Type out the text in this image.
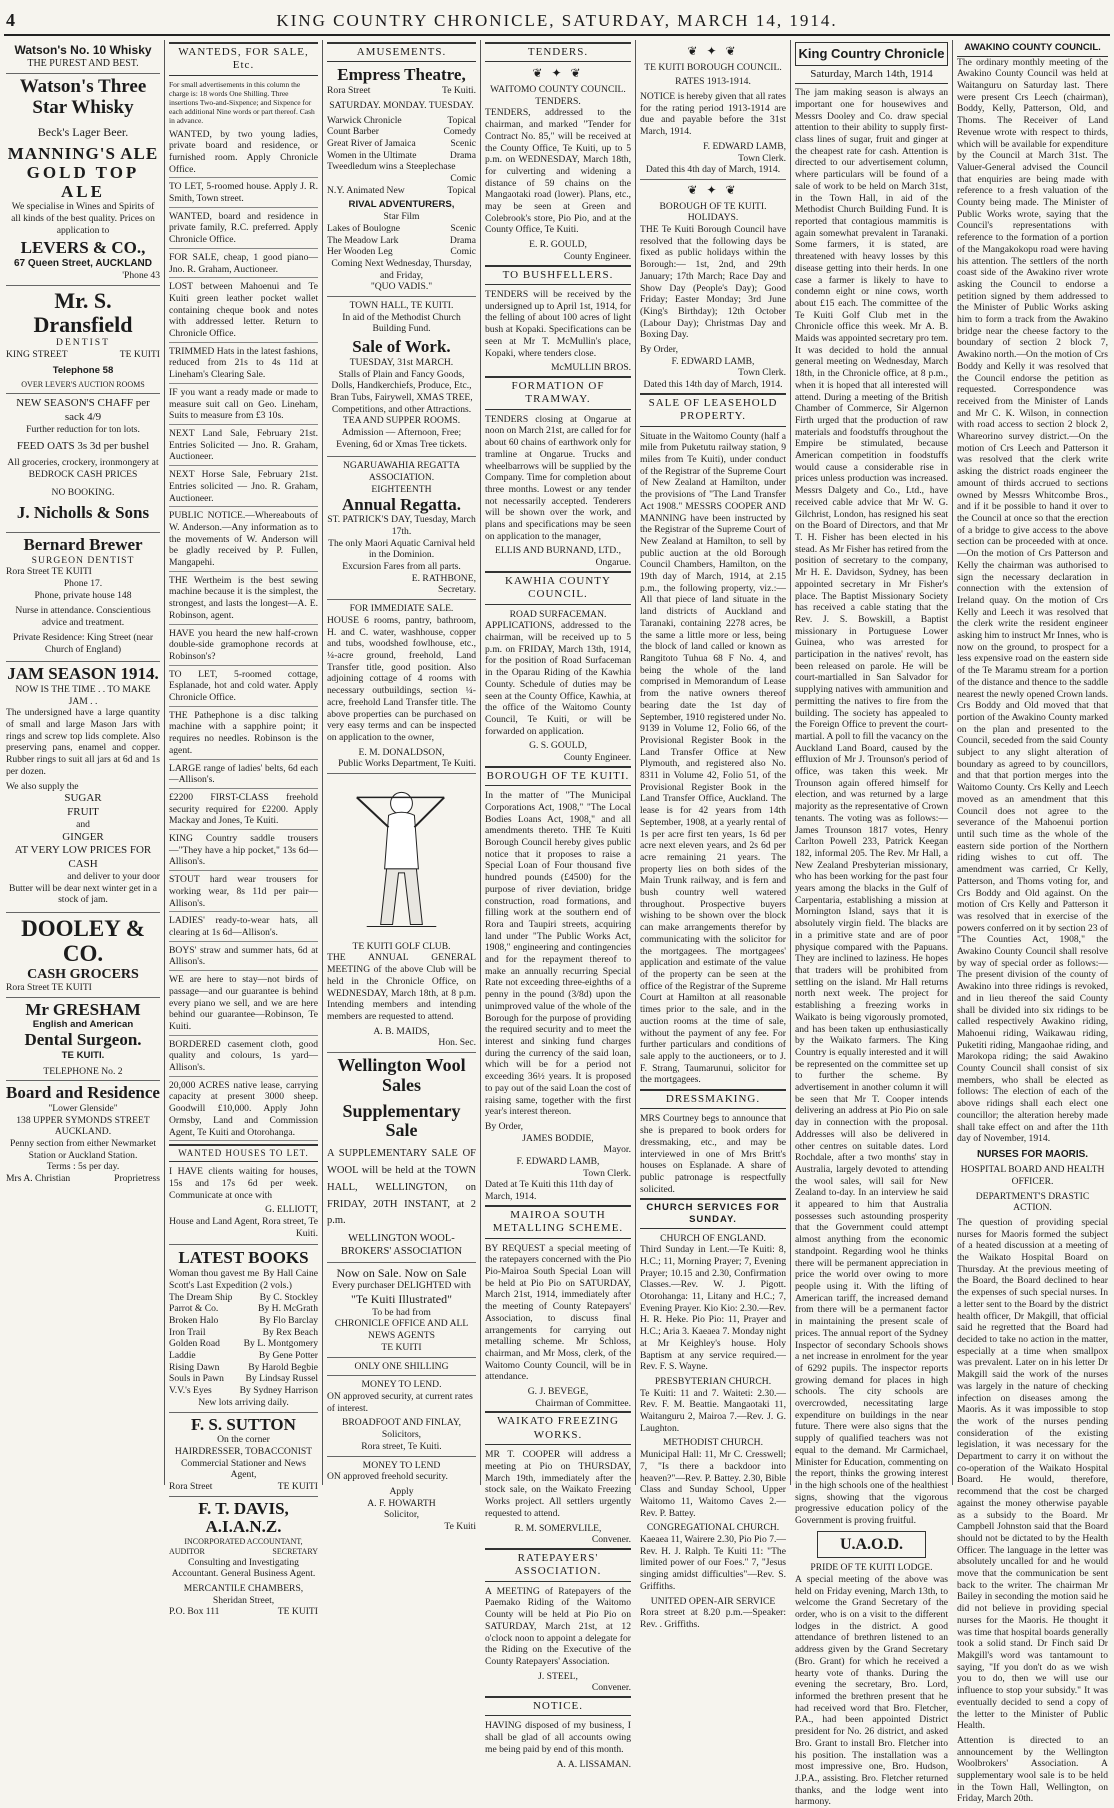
4	KING COUNTRY CHRONICLE, SATURDAY, MARCH 14, 1914.
Watson's No. 10 Whisky
THE PUREST AND BEST.
Watson's Three Star Whisky
Beck's Lager Beer.
MANNING'S ALE
GOLD TOP ALE

We specialise in Wines and Spirits of all kinds of the best quality. Prices on application to

LEVERS & CO.,
67 Queen Street, AUCKLAND
'Phone 43
Mr. S. Dransfield
DENTIST
KING STREET	TE KUITI
Telephone 58
OVER LEVER'S AUCTION ROOMS
NEW SEASON'S CHAFF per sack 4/9
Further reduction for ton lots.
FEED OATS 3s 3d per bushel

All groceries, crockery, ironmongery at BEDROCK CASH PRICES

NO BOOKING.
J. Nicholls & Sons
Bernard Brewer
SURGEON DENTIST
Rora Street TE KUITI
Phone 17.
Phone, private house 148

Nurse in attendance. Conscientious advice and treatment.

Private Residence: King Street (near Church of England)

JAM SEASON 1914.
NOW IS THE TIME . . TO MAKE JAM . .

The undersigned have a large quantity of small and large Mason Jars with rings and screw top lids complete. Also preserving pans, enamel and copper. Rubber rings to suit all jars at 6d and 1s per dozen.

We also supply the
SUGAR
FRUIT
and
GINGER
AT VERY LOW PRICES FOR CASH
and deliver to your door

Butter will be dear next winter get in a stock of jam.

DOOLEY & CO.
CASH GROCERS
Rora Street TE KUITI
Mr GRESHAM
English and American
Dental Surgeon.
TE KUITI.
TELEPHONE No. 2
Board and Residence
"Lower Glenside"
138 UPPER SYMONDS STREET AUCKLAND.
Penny section from either Newmarket Station or Auckland Station.
Terms : 5s per day.
Mrs A. Christian	Proprietress
WANTEDS, FOR SALE, Etc.

For small advertisements in this column the charge is: 18 words One Shilling. Three insertions Two-and-Sixpence; and Sixpence for each additional Nine words or part thereof. Cash in advance.

WANTED, by two young ladies, private board and residence, or furnished room. Apply Chronicle Office.

TO LET, 5-roomed house. Apply J. R. Smith, Town street.

WANTED, board and residence in private family, R.C. preferred. Apply Chronicle Office.

FOR SALE, cheap, 1 good piano—Jno. R. Graham, Auctioneer.

LOST between Mahoenui and Te Kuiti green leather pocket wallet containing cheque book and notes with addressed letter. Return to Chronicle Office.

TRIMMED Hats in the latest fashions, reduced from 21s to 4s 11d at Lineham's Clearing Sale.

IF you want a ready made or made to measure suit call on Geo. Lineham, Suits to measure from £3 10s.

NEXT Land Sale, February 21st. Entries Solicited — Jno. R. Graham, Auctioneer.

NEXT Horse Sale, February 21st. Entries solicited — Jno. R. Graham, Auctioneer.

PUBLIC NOTICE.—Whereabouts of W. Anderson.—Any information as to the movements of W. Anderson will be gladly received by P. Fullen, Mangapehi.

THE Wertheim is the best sewing machine because it is the simplest, the strongest, and lasts the longest—A. E. Robinson, agent.

HAVE you heard the new half-crown double-side gramophone records at Robinson's?

TO LET, 5-roomed cottage, Esplanade, hot and cold water. Apply Chronicle Office.

THE Pathephone is a disc talking machine with a sapphire point; it requires no needles. Robinson is the agent.

LARGE range of ladies' belts, 6d each—Allison's.

£2200 FIRST-CLASS freehold security required for £2200. Apply Mackay and Jones, Te Kuiti.

KING Country saddle trousers—"They have a hip pocket," 13s 6d—Allison's.

STOUT hard wear trousers for working wear, 8s 11d per pair—Allison's.

LADIES' ready-to-wear hats, all clearing at 1s 6d—Allison's.

BOYS' straw and summer hats, 6d at Allison's.

WE are here to stay—not birds of passage—and our guarantee is behind every piano we sell, and we are here behind our guarantee—Robinson, Te Kuiti.

BORDERED casement cloth, good quality and colours, 1s yard—Allison's.

20,000 ACRES native lease, carrying capacity at present 3000 sheep. Goodwill £10,000. Apply John Ormsby, Land and Commission Agent, Te Kuiti and Otorohanga.

WANTED HOUSES TO LET.

I HAVE clients waiting for houses, 15s and 17s 6d per week. Communicate at once with

G. ELLIOTT,
House and Land Agent, Rora street, Te Kuiti.
LATEST BOOKS
Woman thou gavest me By Hall Caine
Scott's Last Expedition (2 vols.)
The Dream Ship	By C. Stockley
Parrot & Co.	By H. McGrath
Broken Halo	By Flo Barclay
Iron Trail	By Rex Beach
Golden Road By L. Montgomery
Laddie	By Gene Potter
Rising Dawn	By Harold Begbie
Souls in Pawn By Lindsay Russel
V.V.'s Eyes	By Sydney Harrison
New lots arriving daily.
F. S. SUTTON
On the corner
HAIRDRESSER, TOBACCONIST
Commercial Stationer and News Agent,
Rora Street	TE KUITI
F. T. DAVIS, A.I.A.N.Z.
INCORPORATED ACCOUNTANT,
AUDITOR	SECRETARY

Consulting and Investigating Accountant. General Business Agent.

MERCANTILE CHAMBERS,
Sheridan Street,
P.O. Box 111	TE KUITI
AMUSEMENTS.
Empress Theatre,
Rora Street	Te Kuiti.
SATURDAY. MONDAY. TUESDAY.
Warwick Chronicle	Topical
Count Barber	Comedy
Great River of Jamaica	Scenic
Women in the Ultimate	Drama
Tweedledum wins a Steeplechase
Comic
N.Y. Animated New	Topical
RIVAL ADVENTURERS,
Star Film
Lakes of Boulogne	Scenic
The Meadow Lark	Drama
Her Wooden Leg	Comic
Coming Next Wednesday, Thursday, and Friday,
"QUO VADIS."
TOWN HALL, TE KUITI.

In aid of the Methodist Church Building Fund.

Sale of Work.
TUESDAY, 31st MARCH.

Stalls of Plain and Fancy Goods, Dolls, Handkerchiefs, Produce, Etc., Bran Tubs, Fairywell, XMAS TREE, Competitions, and other Attractions. TEA AND SUPPER ROOMS. Admission — Afternoon, Free; Evening, 6d or Xmas Tree tickets.

NGARUAWAHIA REGATTA ASSOCIATION.
EIGHTEENTH
Annual Regatta.
ST. PATRICK'S DAY, Tuesday, March 17th.
The only Maori Aquatic Carnival held in the Dominion.
Excursion Fares from all parts.
E. RATHBONE,
Secretary.
FOR IMMEDIATE SALE.

HOUSE 6 rooms, pantry, bathroom, H. and C. water, washhouse, copper and tubs, woodshed fowlhouse, etc., ¼-acre ground, freehold, Land Transfer title, good position. Also adjoining cottage of 4 rooms with necessary outbuildings, section ¼-acre, freehold Land Transfer title. The above properties can be purchased on very easy terms and can be inspected on application to the owner,

E. M. DONALDSON,
Public Works Department, Te Kuiti.
TE KUITI GOLF CLUB.

THE ANNUAL GENERAL MEETING of the above Club will be held in the Chronicle Office, on WEDNESDAY, March 18th, at 8 p.m. Intending members and intending members are requested to attend.

A. B. MAIDS,
Hon. Sec.
Wellington Wool Sales
Supplementary Sale

A SUPPLEMENTARY SALE OF WOOL will be held at the TOWN HALL, WELLINGTON, on FRIDAY, 20TH INSTANT, at 2 p.m.

WELLINGTON WOOL-BROKERS' ASSOCIATION
Now on Sale. Now on Sale
Every purchaser DELIGHTED with
"Te Kuiti Illustrated"
To be had from
CHRONICLE OFFICE AND ALL NEWS AGENTS
TE KUITI
ONLY ONE SHILLING
MONEY TO LEND.

ON approved security, at current rates of interest.

BROADFOOT AND FINLAY,
Solicitors,
Rora street, Te Kuiti.
MONEY TO LEND

ON approved freehold security.

Apply
A. F. HOWARTH
Solicitor,
Te Kuiti
TENDERS.
❦ ✦ ❦
WAITOMO COUNTY COUNCIL.
TENDERS.

TENDERS, addressed to the chairman, and marked "Tender for Contract No. 85," will be received at the County Office, Te Kuiti, up to 5 p.m. on WEDNESDAY, March 18th, for culverting and widening a distance of 59 chains on the Mangaotaki road (lower). Plans, etc., may be seen at Green and Colebrook's store, Pio Pio, and at the County Office, Te Kuiti.

E. R. GOULD,
County Engineer.
TO BUSHFELLERS.

TENDERS will be received by the undersigned up to April 1st, 1914, for the felling of about 100 acres of light bush at Kopaki. Specifications can be seen at Mr T. McMullin's place, Kopaki, where tenders close.

McMULLIN BROS.
FORMATION OF TRAMWAY.

TENDERS closing at Ongarue at noon on March 21st, are called for for about 60 chains of earthwork only for tramline at Ongarue. Trucks and wheelbarrows will be supplied by the Company. Time for completion about three months. Lowest or any tender not necessarily accepted. Tenderers will be shown over the work, and plans and specifications may be seen on application to the manager,

ELLIS AND BURNAND, LTD.,
Ongarue.
KAWHIA COUNTY COUNCIL.
ROAD SURFACEMAN.

APPLICATIONS, addressed to the chairman, will be received up to 5 p.m. on FRIDAY, March 13th, 1914, for the position of Road Surfaceman in the Oparau Riding of the Kawhia County. Schedule of duties may be seen at the County Office, Kawhia, at the office of the Waitomo County Council, Te Kuiti, or will be forwarded on application.

G. S. GOULD,
County Engineer.
BOROUGH OF TE KUITI.

In the matter of "The Municipal Corporations Act, 1908," "The Local Bodies Loans Act, 1908," and all amendments thereto. THE Te Kuiti Borough Council hereby gives public notice that it proposes to raise a Special Loan of Four thousand five hundred pounds (£4500) for the purpose of river deviation, bridge construction, road formations, and filling work at the southern end of Rora and Taupiri streets, acquiring land under "The Public Works Act, 1908," engineering and contingencies and for the repayment thereof to make an annually recurring Special Rate not exceeding three-eighths of a penny in the pound (3/8d) upon the unimproved value of the whole of the Borough for the purpose of providing the required security and to meet the interest and sinking fund charges during the currency of the said loan, which will be for a period not exceeding 36½ years. It is proposed to pay out of the said Loan the cost of raising same, together with the first year's interest thereon.

By Order,
JAMES BODDIE,
Mayor.
F. EDWARD LAMB,
Town Clerk.
Dated at Te Kuiti this 11th day of March, 1914.
MAIROA SOUTH METALLING SCHEME.

BY REQUEST a special meeting of the ratepayers concerned with the Pio Pio-Mairoa South Special Loan will be held at Pio Pio on SATURDAY, March 21st, 1914, immediately after the meeting of County Ratepayers' Association, to discuss final arrangements for carrying out metalling scheme. Mr Schloss, chairman, and Mr Moss, clerk, of the Waitomo County Council, will be in attendance.

G. J. BEVEGE,
Chairman of Committee.
WAIKATO FREEZING WORKS.

MR T. COOPER will address a meeting at Pio on THURSDAY, March 19th, immediately after the stock sale, on the Waikato Freezing Works project. All settlers urgently requested to attend.

R. M. SOMERVLILE,
Convener.
RATEPAYERS' ASSOCIATION.

A MEETING of Ratepayers of the Paemako Riding of the Waitomo County will be held at Pio Pio on SATURDAY, March 21st, at 12 o'clock noon to appoint a delegate for the Riding on the Executive of the County Ratepayers' Association.

J. STEEL,
Convener.
NOTICE.

HAVING disposed of my business, I shall be glad of all accounts owing me being paid by end of this month.

A. A. LISSAMAN.
❦ ✦ ❦
TE KUITI BOROUGH COUNCIL.
RATES 1913-1914.

NOTICE is hereby given that all rates for the rating period 1913-1914 are due and payable before the 31st March, 1914.

F. EDWARD LAMB,
Town Clerk.
Dated this 4th day of March, 1914.
❦ ✦ ❦
BOROUGH OF TE KUITI.
HOLIDAYS.

THE Te Kuiti Borough Council have resolved that the following days be fixed as public holidays within the Borough:— 1st, 2nd, and 29th January; 17th March; Race Day and Show Day (People's Day); Good Friday; Easter Monday; 3rd June (King's Birthday); 12th October (Labour Day); Christmas Day and Boxing Day.

By Order,
F. EDWARD LAMB,
Town Clerk.
Dated this 14th day of March, 1914.
SALE OF LEASEHOLD PROPERTY.

Situate in the Waitomo County (half a mile from Puketutu railway station, 9 miles from Te Kuiti), under conduct of the Registrar of the Supreme Court of New Zealand at Hamilton, under the provisions of "The Land Transfer Act 1908." MESSRS COOPER AND MANNING have been instructed by the Registrar of the Supreme Court of New Zealand at Hamilton, to sell by public auction at the old Borough Council Chambers, Hamilton, on the 19th day of March, 1914, at 2.15 p.m., the following property, viz.:—All that piece of land situate in the land districts of Auckland and Taranaki, containing 2278 acres, be the same a little more or less, being the block of land called or known as Rangitoto Tuhua 68 F No. 4, and being the whole of the land comprised in Memorandum of Lease from the native owners thereof bearing date the 1st day of September, 1910 registered under No. 9139 in Volume 12, Folio 66, of the Provisional Register Book in the Land Transfer Office at New Plymouth, and registered also No. 8311 in Volume 42, Folio 51, of the Provisional Register Book in the Land Transfer Office, Auckland. The lease is for 42 years from 14th September, 1908, at a yearly rental of 1s per acre first ten years, 1s 6d per acre next eleven years, and 2s 6d per acre remaining 21 years. The property lies on both sides of the Main Trunk railway, and is fern and bush country well watered throughout. Prospective buyers wishing to be shown over the block can make arrangements therefor by communicating with the solicitor for the mortgagees. The mortgagees' application and estimate of the value of the property can be seen at the office of the Registrar of the Supreme Court at Hamilton at all reasonable times prior to the sale, and in the auction rooms at the time of sale, without the payment of any fee. For further particulars and conditions of sale apply to the auctioneers, or to J. F. Strang, Taumarunui, solicitor for the mortgagees.

DRESSMAKING.

MRS Courtney begs to announce that she is prepared to book orders for dressmaking, etc., and may be interviewed in one of Mrs Britt's houses on Esplanade. A share of public patronage is respectfully solicited.

CHURCH SERVICES FOR SUNDAY.
CHURCH OF ENGLAND.

Third Sunday in Lent.—Te Kuiti: 8, H.C.; 11, Morning Prayer; 7, Evening Prayer; 10.15 and 2.30, Confirmation Classes.—Rev. W. J. Pigott. Otorohanga: 11, Litany and H.C.; 7, Evening Prayer. Kio Kio: 2.30.—Rev. H. R. Heke. Pio Pio: 11, Prayer and H.C.; Aria 3. Kaeaea 7. Monday night at Mr Keighley's house. Holy Baptism at any service required.—Rev. F. S. Wayne.

PRESBYTERIAN CHURCH.

Te Kuiti: 11 and 7. Waiteti: 2.30.—Rev. F. M. Beattie. Mangaotaki 11, Waitanguru 2, Mairoa 7.—Rev. J. G. Laughton.

METHODIST CHURCH.

Municipal Hall: 11, Mr C. Cresswell; 7, "Is there a backdoor into heaven?"—Rev. P. Battey. 2.30, Bible Class and Sunday School, Upper Waitomo 11, Waitomo Caves 2.—Rev. P. Battey.

CONGREGATIONAL CHURCH.

Kaeaea 11, Wairere 2.30, Pio Pio 7.—Rev. H. J. Ralph. Te Kuiti 11: "The limited power of our Foes." 7, "Jesus singing amidst difficulties"—Rev. S. Griffiths.

UNITED OPEN-AIR SERVICE

Rora street at 8.20 p.m.—Speaker: Rev. . Griffiths.

King Country Chronicle
Saturday, March 14th, 1914

The jam making season is always an important one for housewives and Messrs Dooley and Co. draw special attention to their ability to supply first-class lines of sugar, fruit and ginger at the cheapest rate for cash. Attention is directed to our advertisement column, where particulars will be found of a sale of work to be held on March 31st, in the Town Hall, in aid of the Methodist Church Building Fund. It is reported that contagious mammitis is again somewhat prevalent in Taranaki. Some farmers, it is stated, are threatened with heavy losses by this disease getting into their herds. In one case a farmer is likely to have to condemn eight or nine cows, worth about £15 each. The committee of the Te Kuiti Golf Club met in the Chronicle office this week. Mr A. B. Maids was appointed secretary pro tem. It was decided to hold the annual general meeting on Wednesday, March 18th, in the Chronicle office, at 8 p.m., when it is hoped that all interested will attend. During a meeting of the British Chamber of Commerce, Sir Algernon Firth urged that the production of raw materials and foodstuffs throughout the Empire be stimulated, because American competition in foodstuffs would cause a considerable rise in prices unless production was increased. Messrs Dalgety and Co., Ltd., have received cable advice that Mr W. G. Gilchrist, London, has resigned his seat on the Board of Directors, and that Mr T. H. Fisher has been elected in his stead. As Mr Fisher has retired from the position of secretary to the company, Mr H. E. Davidson, Sydney, has been appointed secretary in Mr Fisher's place. The Baptist Missionary Society has received a cable stating that the Rev. J. S. Bowskill, a Baptist missionary in Portuguese Lower Guinea, who was arrested for participation in the natives' revolt, has been released on parole. He will be court-martialled in San Salvador for supplying natives with ammunition and permitting the natives to fire from the building. The society has appealed to the Foreign Office to prevent the court-martial. A poll to fill the vacancy on the Auckland Land Board, caused by the effluxion of Mr J. Trounson's period of office, was taken this week. Mr Trounson again offered himself for election, and was returned by a large majority as the representative of Crown tenants. The voting was as follows:—James Trounson 1817 votes, Henry Carlton Powell 233, Patrick Keegan 182, informal 205. The Rev. Mr Hall, a New Zealand Presbyterian missionary, who has been working for the past four years among the blacks in the Gulf of Carpentaria, establishing a mission at Mornington Island, says that it is absolutely virgin field. The blacks are in a primitive state and are of poor physique compared with the Papuans. They are inclined to laziness. He hopes that traders will be prohibited from settling on the island. Mr Hall returns north next week. The project for establishing a freezing works in Waikato is being vigorously promoted, and has been taken up enthusiastically by the Waikato farmers. The King Country is equally interested and it will be represented on the committee set up to further the scheme. By advertisement in another column it will be seen that Mr T. Cooper intends delivering an address at Pio Pio on sale day in connection with the proposal. Addresses will also be delivered in other centres on suitable dates. Lord Rochdale, after a two months' stay in Australia, largely devoted to attending the wool sales, will sail for New Zealand to-day. In an interview he said it appeared to him that Australia possesses such astounding prosperity that the Government could attempt almost anything from the economic standpoint. Regarding wool he thinks there will be permanent appreciation in price the world over owing to more people using it. With the lifting of American tariff, the increased demand from there will be a permanent factor in maintaining the present scale of prices. The annual report of the Sydney Inspector of secondary Schools shows a net increase in enrolment for the year of 6292 pupils. The inspector reports growing demand for places in high schools. The city schools are overcrowded, necessitating large expenditure on buildings in the near future. There were also signs that the supply of qualified teachers was not equal to the demand. Mr Carmichael, Minister for Education, commenting on the report, thinks the growing interest in the high schools one of the healthiest signs, showing that the vigorous progressive education policy of the Government is proving fruitful.

U.A.O.D.
PRIDE OF TE KUITI LODGE.

A special meeting of the above was held on Friday evening, March 13th, to welcome the Grand Secretary of the order, who is on a visit to the different lodges in the district. A good attendance of brethren listened to an address given by the Grand Secretary (Bro. Grant) for which he received a hearty vote of thanks. During the evening the secretary, Bro. Lord, informed the brethren present that he had received word that Bro. Fletcher, P.A., had been appointed District president for No. 26 district, and asked Bro. Grant to install Bro. Fletcher into his position. The installation was a most impressive one, Bro. Hudson, J.P.A., assisting. Bro. Fletcher returned thanks, and the lodge went into harmony.

AWAKINO COUNTY COUNCIL.

The ordinary monthly meeting of the Awakino County Council was held at Waitanguru on Saturday last. There were present Crs Leech (chairman), Boddy, Kelly, Patterson, Old, and Thoms. The Receiver of Land Revenue wrote with respect to thirds, which will be available for expenditure by the Council at March 31st. The Valuer-General advised the Council that enquiries are being made with reference to a fresh valuation of the County being made. The Minister of Public Works wrote, saying that the Council's representations with reference to the formation of a portion of the Mangakokopu road were having his attention. The settlers of the north coast side of the Awakino river wrote asking the Council to endorse a petition signed by them addressed to the Minister of Public Works asking him to form a track from the Awakino bridge near the cheese factory to the boundary of section 2 block 7, Awakino north.—On the motion of Crs Boddy and Kelly it was resolved that the Council endorse the petition as requested. Correspondence was received from the Minister of Lands and Mr C. K. Wilson, in connection with road access to section 2 block 2, Whareorino survey district.—On the motion of Crs Leech and Patterson it was resolved that the clerk write asking the district roads engineer the amount of thirds accrued to sections owned by Messrs Whitcombe Bros., and if it be possible to hand it over to the Council at once so that the erection of a bridge to give access to the above section can be proceeded with at once.—On the motion of Crs Patterson and Kelly the chairman was authorised to sign the necessary declaration in connection with the extension of Ireland quay. On the motion of Crs Kelly and Leech it was resolved that the clerk write the resident engineer asking him to instruct Mr Innes, who is now on the ground, to prospect for a less expensive road on the eastern side of the Te Maramu stream for a portion of the distance and thence to the saddle nearest the newly opened Crown lands. Crs Boddy and Old moved that that portion of the Awakino County marked on the plan and presented to the Council, seceded from the said County subject to any slight alteration of boundary as agreed to by councillors, and that that portion merges into the Waitomo County. Crs Kelly and Leech moved as an amendment that this Council does not agree to the severance of the Mahoenui portion until such time as the whole of the eastern side portion of the Northern riding wishes to cut off. The amendment was carried, Cr Kelly, Patterson, and Thoms voting for, and Crs Boddy and Old against. On the motion of Crs Kelly and Patterson it was resolved that in exercise of the powers conferred on it by section 23 of "The Counties Act, 1908," the Awakino County Council shall resolve by way of special order as follows:—The present division of the county of Awakino into three ridings is revoked, and in lieu thereof the said County shall be divided into six ridings to be called respectively Awakino riding, Mahoenui riding, Waikawau riding, Puketiti riding, Mangaohae riding, and Marokopa riding; the said Awakino County Council shall consist of six members, who shall be elected as follows: The election of each of the above ridings shall each elect one councillor; the alteration hereby made shall take effect on and after the 11th day of November, 1914.

NURSES FOR MAORIS.
HOSPITAL BOARD AND HEALTH OFFICER.
DEPARTMENT'S DRASTIC ACTION.

The question of providing special nurses for Maoris formed the subject of a heated discussion at a meeting of the Waikato Hospital Board on Thursday. At the previous meeting of the Board, the Board declined to hear the expenses of such special nurses. In a letter sent to the Board by the district health officer, Dr Makgill, that official said he regretted that the Board had decided to take no action in the matter, especially at a time when smallpox was prevalent. Later on in his letter Dr Makgill said the work of the nurses was largely in the nature of checking infection on diseases among the Maoris. As it was impossible to stop the work of the nurses pending consideration of the existing legislation, it was necessary for the Department to carry it on without the co-operation of the Waikato Hospital Board. He would, therefore, recommend that the cost be charged against the money otherwise payable as a subsidy to the Board. Mr Campbell Johnston said that the Board should not be dictated to by the Health Officer. The language in the letter was absolutely uncalled for and he would move that the communication be sent back to the writer. The chairman Mr Bailey in seconding the motion said he did not believe in providing special nurses for the Maoris. He thought it was time that hospital boards generally took a solid stand. Dr Finch said Dr Makgill's word was tantamount to saying, "If you don't do as we wish you to do, then we will use our influence to stop your subsidy." It was eventually decided to send a copy of the letter to the Minister of Public Health.

Attention is directed to an announcement by the Wellington Woolbrokers' Association. A supplementary wool sale is to be held in the Town Hall, Wellington, on Friday, March 20th.
